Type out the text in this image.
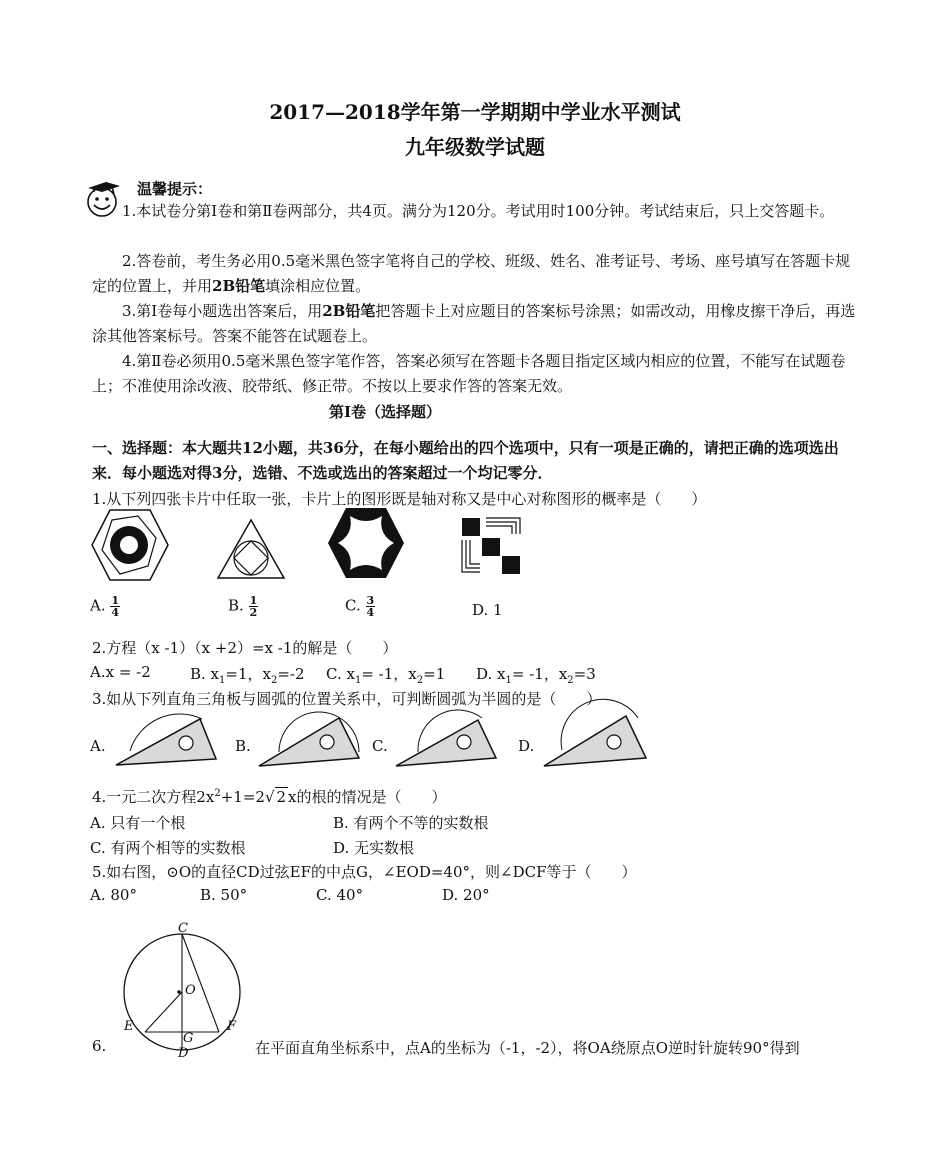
2017—2018学年第一学期期中学业水平测试
九年级数学试题
温馨提示：
1.本试卷分第Ⅰ卷和第Ⅱ卷两部分，共4页。满分为120分。考试用时100分钟。考试结束后，只上交答题卡。
2.答卷前，考生务必用0.5毫米黑色签字笔将自己的学校、班级、姓名、准考证号、考场、座号填写在答题卡规定的位置上，并用2B铅笔填涂相应位置。
3.第Ⅰ卷每小题选出答案后，用2B铅笔把答题卡上对应题目的答案标号涂黑；如需改动，用橡皮擦干净后，再选涂其他答案标号。答案不能答在试题卷上。
4.第Ⅱ卷必须用0.5毫米黑色签字笔作答，答案必须写在答题卡各题目指定区域内相应的位置，不能写在试题卷上；不准使用涂改液、胶带纸、修正带。不按以上要求作答的答案无效。
第Ⅰ卷（选择题）
一、选择题：本大题共12小题，共36分，在每小题给出的四个选项中，只有一项是正确的，请把正确的选项选出来．每小题选对得3分，选错、不选或选出的答案超过一个均记零分．
1.从下列四张卡片中任取一张，卡片上的图形既是轴对称又是中心对称图形的概率是（　　）
A. $\frac{1}{4}$	B. $\frac{1}{2}$	C. $\frac{3}{4}$	D. 1
2.方程（x -1）（x +2）=x -1的解是（　　）
A.x = -2	B. $x_1=1$，$x_2=-2$ C. $x_1= -1$，$x_2=1$ D. $x_1= -1$，$x_2=3$
3.如从下列直角三角板与圆弧的位置关系中，可判断圆弧为半圆的是（　　）
A.	B.	C.	D.
4.一元二次方程$2x^2+1=2√$ 2 x的根的情况是（　　）
A. 只有一个根	B. 有两个不等的实数根
C. 有两个相等的实数根	D. 无实数根
5.如右图，⊙O的直径CD过弦EF的中点G，∠EOD=40°，则∠DCF等于（　　）
A. 80°	B. 50°	C. 40°	D. 20°
C
O
E	F
G
D
6.	在平面直角坐标系中，点A的坐标为（-1，-2），将OA绕原点O逆时针旋转90°得到
